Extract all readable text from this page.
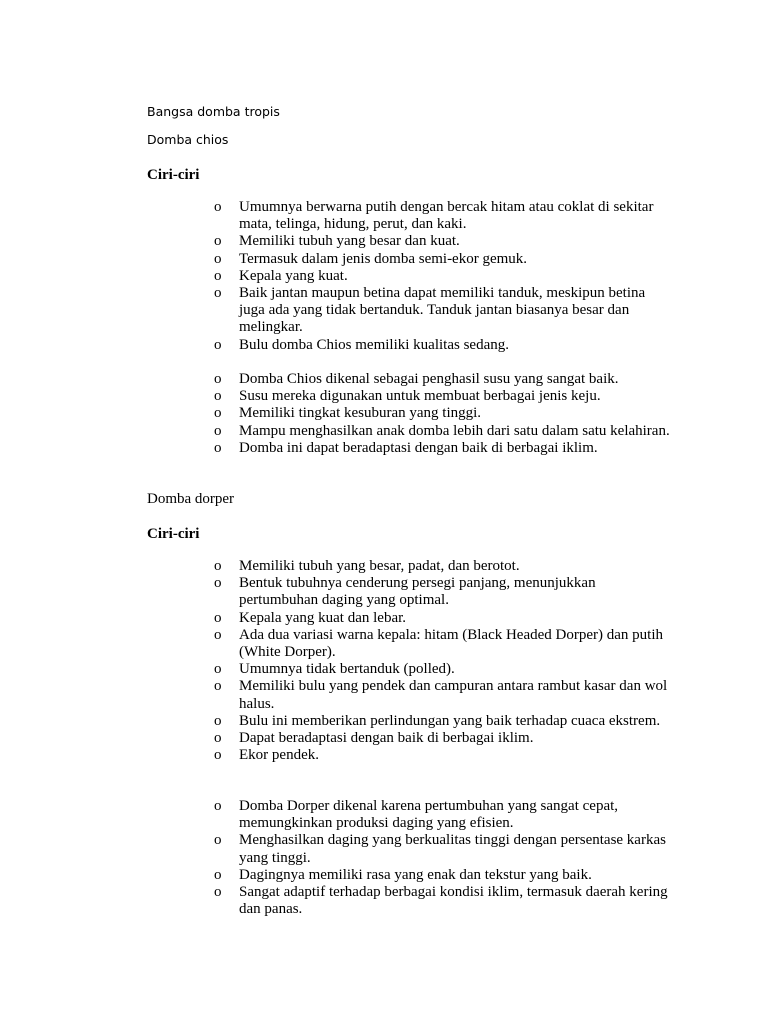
Bangsa domba tropis

Domba chios

Ciri-ciri

o Umumnya berwarna putih dengan bercak hitam atau coklat di sekitar mata, telinga, hidung, perut, dan kaki.
o Memiliki tubuh yang besar dan kuat.
o Termasuk dalam jenis domba semi-ekor gemuk.
o Kepala yang kuat.
o Baik jantan maupun betina dapat memiliki tanduk, meskipun betina juga ada yang tidak bertanduk. Tanduk jantan biasanya besar dan melingkar.
o Bulu domba Chios memiliki kualitas sedang.
o Domba Chios dikenal sebagai penghasil susu yang sangat baik.
o Susu mereka digunakan untuk membuat berbagai jenis keju.
o Memiliki tingkat kesuburan yang tinggi.
o Mampu menghasilkan anak domba lebih dari satu dalam satu kelahiran.
o Domba ini dapat beradaptasi dengan baik di berbagai iklim.

Domba dorper

Ciri-ciri

o Memiliki tubuh yang besar, padat, dan berotot.
o Bentuk tubuhnya cenderung persegi panjang, menunjukkan pertumbuhan daging yang optimal.
o Kepala yang kuat dan lebar.
o Ada dua variasi warna kepala: hitam (Black Headed Dorper) dan putih (White Dorper).
o Umumnya tidak bertanduk (polled).
o Memiliki bulu yang pendek dan campuran antara rambut kasar dan wol halus.
o Bulu ini memberikan perlindungan yang baik terhadap cuaca ekstrem.
o Dapat beradaptasi dengan baik di berbagai iklim.
o Ekor pendek.
o Domba Dorper dikenal karena pertumbuhan yang sangat cepat, memungkinkan produksi daging yang efisien.
o Menghasilkan daging yang berkualitas tinggi dengan persentase karkas yang tinggi.
o Dagingnya memiliki rasa yang enak dan tekstur yang baik.
o Sangat adaptif terhadap berbagai kondisi iklim, termasuk daerah kering dan panas.
